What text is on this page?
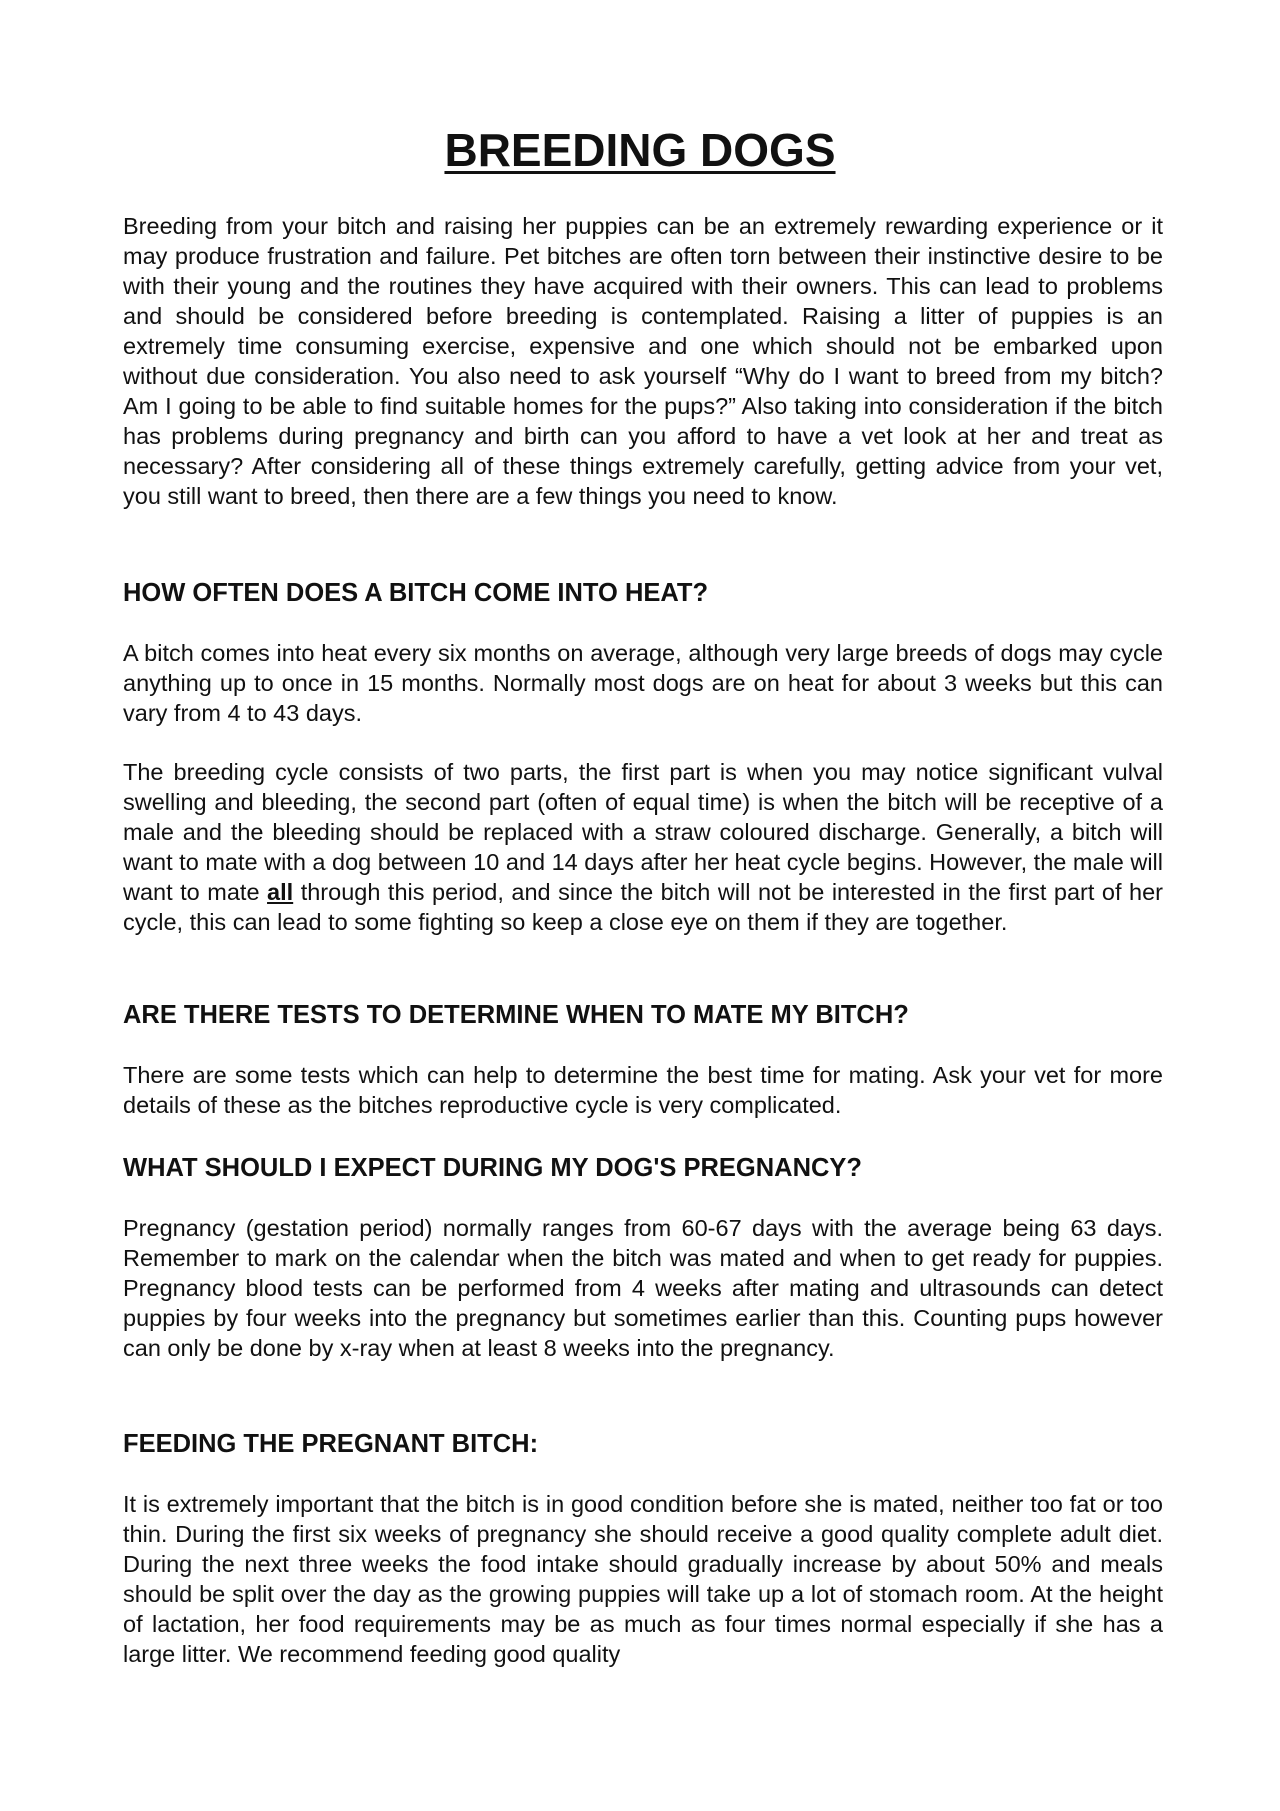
BREEDING DOGS

Breeding from your bitch and raising her puppies can be an extremely rewarding experience or it may produce frustration and failure. Pet bitches are often torn between their instinctive desire to be with their young and the routines they have acquired with their owners. This can lead to problems and should be considered before breeding is contemplated. Raising a litter of puppies is an extremely time consuming exercise, expensive and one which should not be embarked upon without due consideration. You also need to ask yourself “Why do I want to breed from my bitch? Am I going to be able to find suitable homes for the pups?” Also taking into consideration if the bitch has problems during pregnancy and birth can you afford to have a vet look at her and treat as necessary? After considering all of these things extremely carefully, getting advice from your vet, you still want to breed, then there are a few things you need to know.

HOW OFTEN DOES A BITCH COME INTO HEAT?

A bitch comes into heat every six months on average, although very large breeds of dogs may cycle anything up to once in 15 months. Normally most dogs are on heat for about 3 weeks but this can vary from 4 to 43 days.

The breeding cycle consists of two parts, the first part is when you may notice significant vulval swelling and bleeding, the second part (often of equal time) is when the bitch will be receptive of a male and the bleeding should be replaced with a straw coloured discharge. Generally, a bitch will want to mate with a dog between 10 and 14 days after her heat cycle begins. However, the male will want to mate all through this period, and since the bitch will not be interested in the first part of her cycle, this can lead to some fighting so keep a close eye on them if they are together.

ARE THERE TESTS TO DETERMINE WHEN TO MATE MY BITCH?

There are some tests which can help to determine the best time for mating. Ask your vet for more details of these as the bitches reproductive cycle is very complicated.

WHAT SHOULD I EXPECT DURING MY DOG'S PREGNANCY?

Pregnancy (gestation period) normally ranges from 60-67 days with the average being 63 days. Remember to mark on the calendar when the bitch was mated and when to get ready for puppies. Pregnancy blood tests can be performed from 4 weeks after mating and ultrasounds can detect puppies by four weeks into the pregnancy but sometimes earlier than this. Counting pups however can only be done by x-ray when at least 8 weeks into the pregnancy.

FEEDING THE PREGNANT BITCH:

It is extremely important that the bitch is in good condition before she is mated, neither too fat or too thin. During the first six weeks of pregnancy she should receive a good quality complete adult diet. During the next three weeks the food intake should gradually increase by about 50% and meals should be split over the day as the growing puppies will take up a lot of stomach room. At the height of lactation, her food requirements may be as much as four times normal especially if she has a large litter. We recommend feeding good quality
